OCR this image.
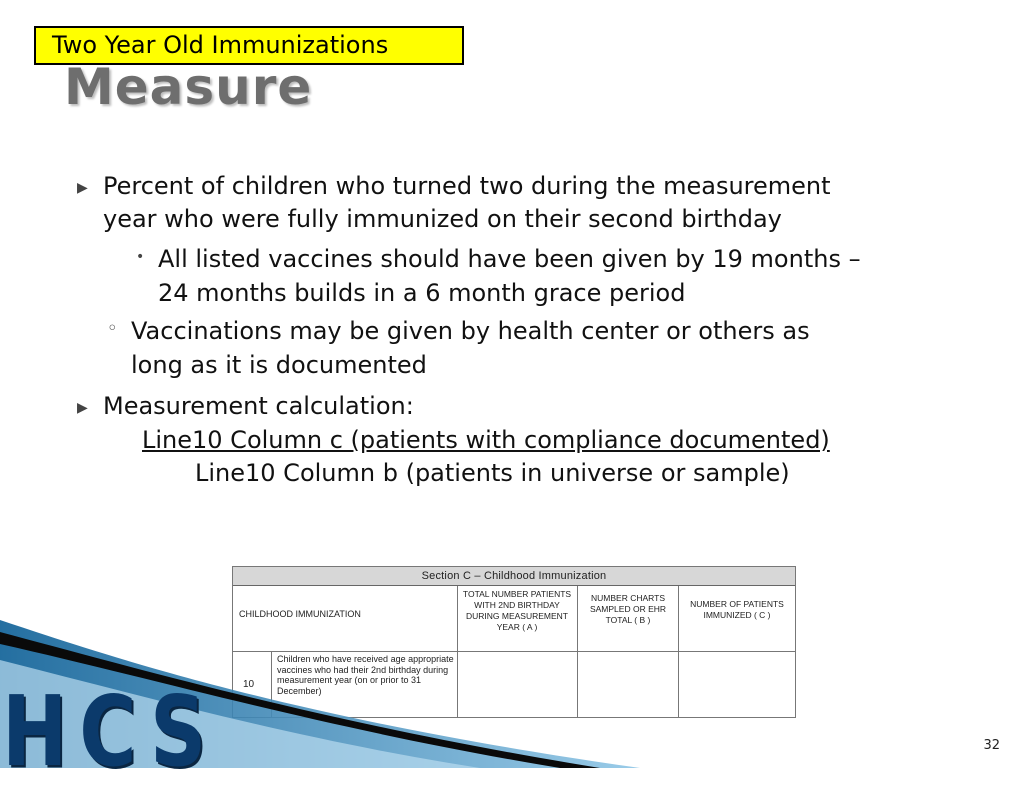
Two Year Old Immunizations
Measure
▶ Percent of children who turned two during the measurement
year who were fully immunized on their second birthday
• All listed vaccines should have been given by 19 months –
24 months builds in a 6 month grace period
◦ Vaccinations may be given by health center or others as
long as it is documented
▶ Measurement calculation:
Line10 Column c (patients with compliance documented)
Line10 Column b (patients in universe or sample)
Section C – Childhood Immunization
CHILDHOOD IMMUNIZATION
TOTAL NUMBER PATIENTS WITH 2ND BIRTHDAY DURING MEASUREMENT YEAR ( A )
NUMBER CHARTS SAMPLED OR EHR TOTAL ( B )
NUMBER OF PATIENTS IMMUNIZED ( C )
10
Children who have received age appropriate vaccines who had their 2nd birthday during measurement year (on or prior to 31 December)
HCS	32
